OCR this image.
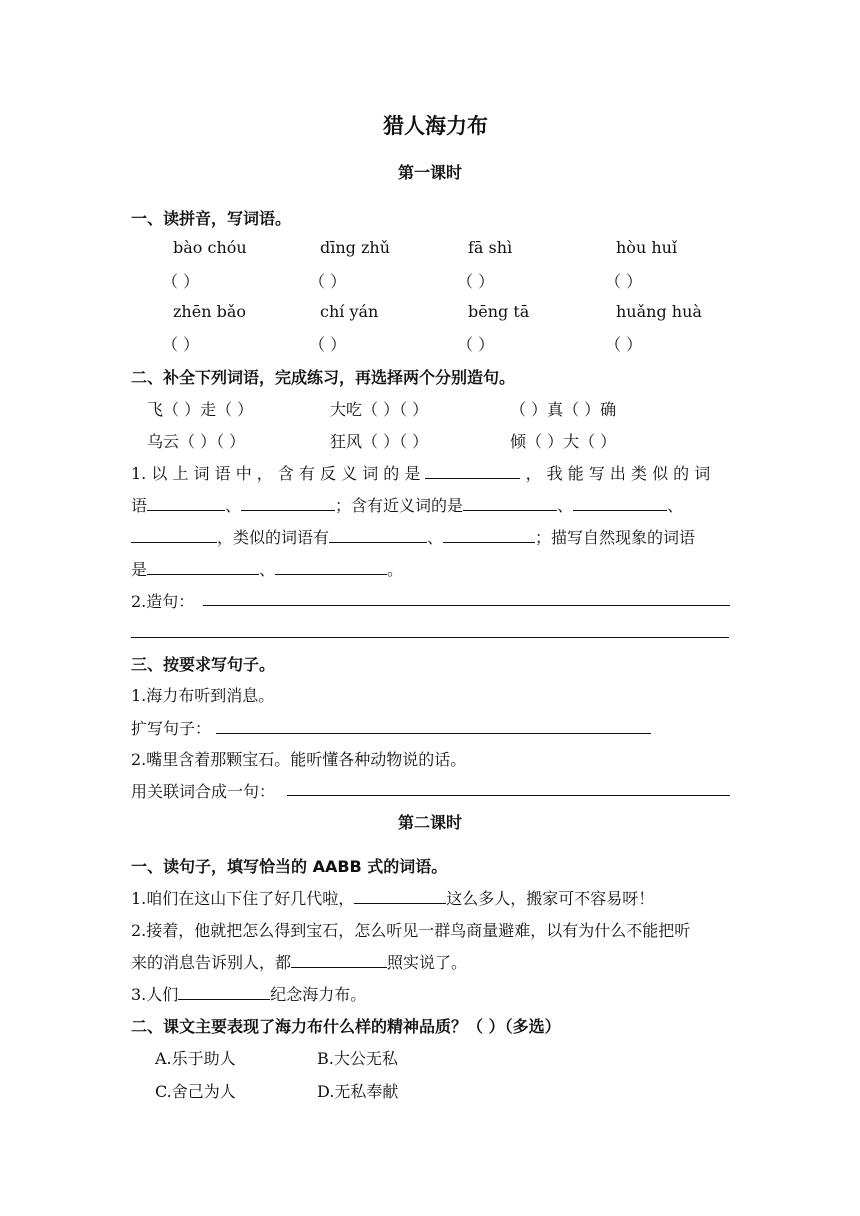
猎人海力布
第一课时
一、读拼音，写词语。
bào chóu	dīng zhǔ	fā shì	hòu huǐ
（ ）	（ ）	（ ）	（ ）
zhēn bǎo	chí yán	bēng tā	huǎng huà
（ ）	（ ）	（ ）	（ ）
二、补全下列词语，完成练习，再选择两个分别造句。
飞（ ）走（ ）	大吃（ ）（ ）	（ ）真（ ）确
乌云（ ）（ ）	狂风（ ）（ ）	倾（ ）大（ ）
1. 以 上 词 语 中 ， 含 有 反 义 词 的 是	， 我 能 写 出 类 似 的 词
语	、	；含有近义词的是	、	、
，类似的词语有	、	；描写自然现象的词语
是	、	。
2.造句：
三、按要求写句子。
1.海力布听到消息。
扩写句子：
2.嘴里含着那颗宝石。能听懂各种动物说的话。
用关联词合成一句：
第二课时
一、读句子，填写恰当的 AABB 式的词语。
1.咱们在这山下住了好几代啦，	这么多人，搬家可不容易呀！
2.接着，他就把怎么得到宝石，怎么听见一群鸟商量避难，以有为什么不能把听
来的消息告诉别人，都	照实说了。
3.人们	纪念海力布。
二、课文主要表现了海力布什么样的精神品质？（ ）（多选）
A.乐于助人	B.大公无私
C.舍己为人	D.无私奉献
